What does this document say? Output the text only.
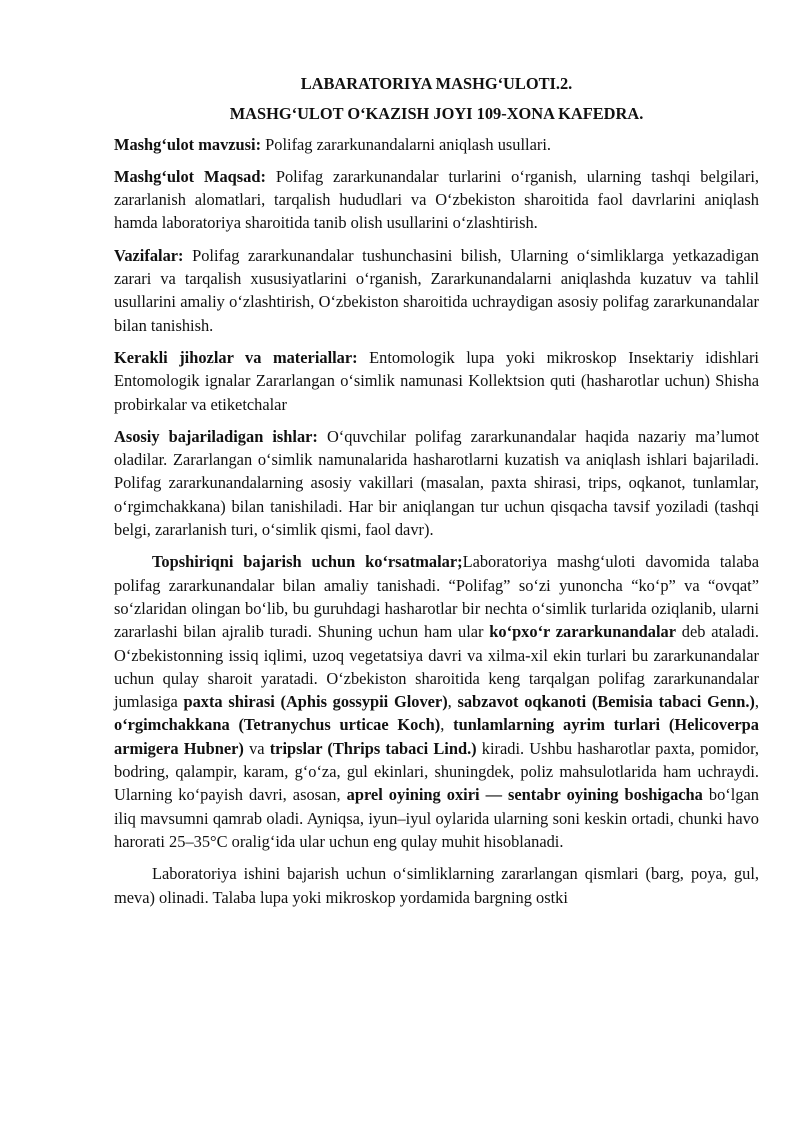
LABARATORIYA MASHG‘ULOTI.2.
MASHG‘ULOT O‘KAZISH JOYI 109-XONA KAFEDRA.

Mashg‘ulot mavzusi: Polifag zararkunandalarni aniqlash usullari.

Mashg‘ulot Maqsad: Polifag zararkunandalar turlarini o‘rganish, ularning tashqi belgilari, zararlanish alomatlari, tarqalish hududlari va O‘zbekiston sharoitida faol davrlarini aniqlash hamda laboratoriya sharoitida tanib olish usullarini o‘zlashtirish.

Vazifalar: Polifag zararkunandalar tushunchasini bilish, Ularning o‘simliklarga yetkazadigan zarari va tarqalish xususiyatlarini o‘rganish, Zararkunandalarni aniqlashda kuzatuv va tahlil usullarini amaliy o‘zlashtirish, O‘zbekiston sharoitida uchraydigan asosiy polifag zararkunandalar bilan tanishish.

Kerakli jihozlar va materiallar: Entomologik lupa yoki mikroskop Insektariy idishlari Entomologik ignalar Zararlangan o‘simlik namunasi Kollektsion quti (hasharotlar uchun) Shisha probirkalar va etiketchalar

Asosiy bajariladigan ishlar: O‘quvchilar polifag zararkunandalar haqida nazariy ma’lumot oladilar. Zararlangan o‘simlik namunalarida hasharotlarni kuzatish va aniqlash ishlari bajariladi. Polifag zararkunandalarning asosiy vakillari (masalan, paxta shirasi, trips, oqkanot, tunlamlar, o‘rgimchakkana) bilan tanishiladi. Har bir aniqlangan tur uchun qisqacha tavsif yoziladi (tashqi belgi, zararlanish turi, o‘simlik qismi, faol davr).

Topshiriqni bajarish uchun ko‘rsatmalar;Laboratoriya mashg‘uloti davomida talaba polifag zararkunandalar bilan amaliy tanishadi. “Polifag” so‘zi yunoncha “ko‘p” va “ovqat” so‘zlaridan olingan bo‘lib, bu guruhdagi hasharotlar bir nechta o‘simlik turlarida oziqlanib, ularni zararlashi bilan ajralib turadi. Shuning uchun ham ular ko‘pxo‘r zararkunandalar deb ataladi. O‘zbekistonning issiq iqlimi, uzoq vegetatsiya davri va xilma-xil ekin turlari bu zararkunandalar uchun qulay sharoit yaratadi. O‘zbekiston sharoitida keng tarqalgan polifag zararkunandalar jumlasiga paxta shirasi (Aphis gossypii Glover), sabzavot oqkanoti (Bemisia tabaci Genn.), o‘rgimchakkana (Tetranychus urticae Koch), tunlamlarning ayrim turlari (Helicoverpa armigera Hubner) va tripslar (Thrips tabaci Lind.) kiradi. Ushbu hasharotlar paxta, pomidor, bodring, qalampir, karam, g‘o‘za, gul ekinlari, shuningdek, poliz mahsulotlarida ham uchraydi. Ularning ko‘payish davri, asosan, aprel oyining oxiri — sentabr oyining boshigacha bo‘lgan iliq mavsumni qamrab oladi. Ayniqsa, iyun–iyul oylarida ularning soni keskin ortadi, chunki havo harorati 25–35°C oralig‘ida ular uchun eng qulay muhit hisoblanadi.

Laboratoriya ishini bajarish uchun o‘simliklarning zararlangan qismlari (barg, poya, gul, meva) olinadi. Talaba lupa yoki mikroskop yordamida bargning ostki
